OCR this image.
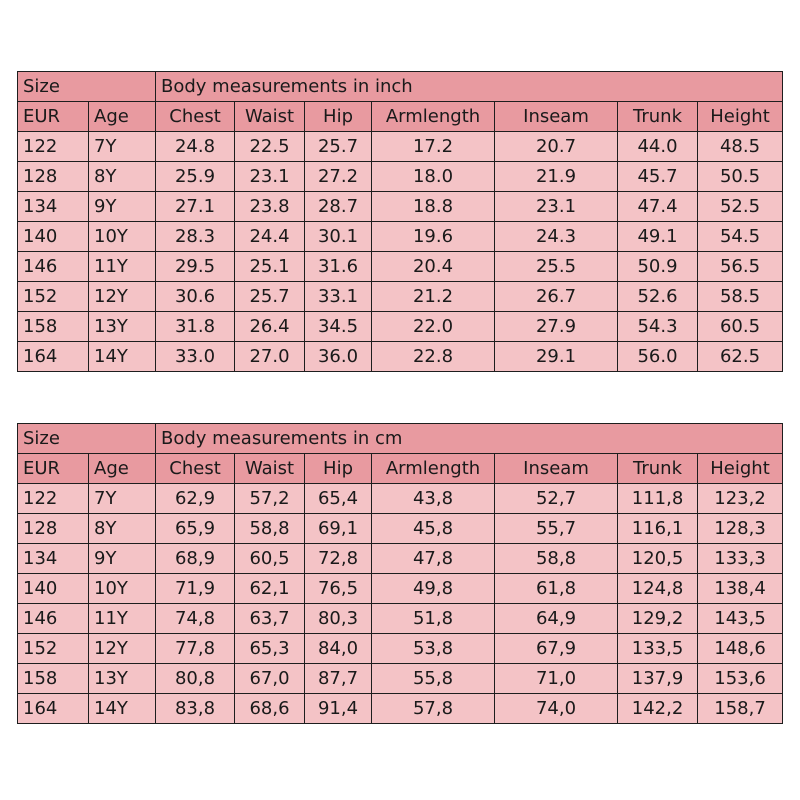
Size		Body measurements in inch						
EUR	Age	Chest	Waist	Hip	Armlength	Inseam	Trunk	Height
122	7Y	24.8	22.5	25.7	17.2	20.7	44.0	48.5
128	8Y	25.9	23.1	27.2	18.0	21.9	45.7	50.5
134	9Y	27.1	23.8	28.7	18.8	23.1	47.4	52.5
140	10Y	28.3	24.4	30.1	19.6	24.3	49.1	54.5
146	11Y	29.5	25.1	31.6	20.4	25.5	50.9	56.5
152	12Y	30.6	25.7	33.1	21.2	26.7	52.6	58.5
158	13Y	31.8	26.4	34.5	22.0	27.9	54.3	60.5
164	14Y	33.0	27.0	36.0	22.8	29.1	56.0	62.5
Size		Body measurements in cm						
EUR	Age	Chest	Waist	Hip	Armlength	Inseam	Trunk	Height
122	7Y	62,9	57,2	65,4	43,8	52,7	111,8	123,2
128	8Y	65,9	58,8	69,1	45,8	55,7	116,1	128,3
134	9Y	68,9	60,5	72,8	47,8	58,8	120,5	133,3
140	10Y	71,9	62,1	76,5	49,8	61,8	124,8	138,4
146	11Y	74,8	63,7	80,3	51,8	64,9	129,2	143,5
152	12Y	77,8	65,3	84,0	53,8	67,9	133,5	148,6
158	13Y	80,8	67,0	87,7	55,8	71,0	137,9	153,6
164	14Y	83,8	68,6	91,4	57,8	74,0	142,2	158,7
